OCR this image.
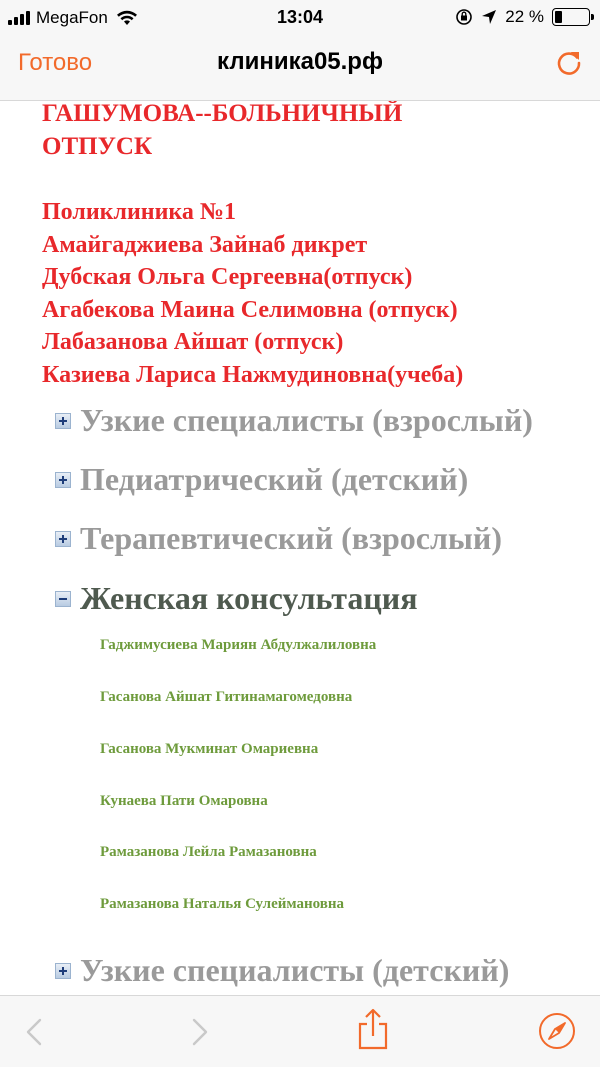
MegaFon	13:04	22 %
Готово	клиника05.рф
ГАШУМОВА--БОЛЬНИЧНЫЙ
ОТПУСК
Поликлиника №1
Амайгаджиева Зайнаб дикрет
Дубская Ольга Сергеевна(отпуск)
Агабекова Маина Селимовна (отпуск)
Лабазанова Айшат (отпуск)
Казиева Лариса Нажмудиновна(учеба)
Узкие специалисты (взрослый)
Педиатрический (детский)
Терапевтический (взрослый)
Женская консультация
Гаджимусиева Мариян Абдулжалиловна
Гасанова Айшат Гитинамагомедовна
Гасанова Мукминат Омариевна
Кунаева Пати Омаровна
Рамазанова Лейла Рамазановна
Рамазанова Наталья Сулеймановна
Узкие специалисты (детский)
